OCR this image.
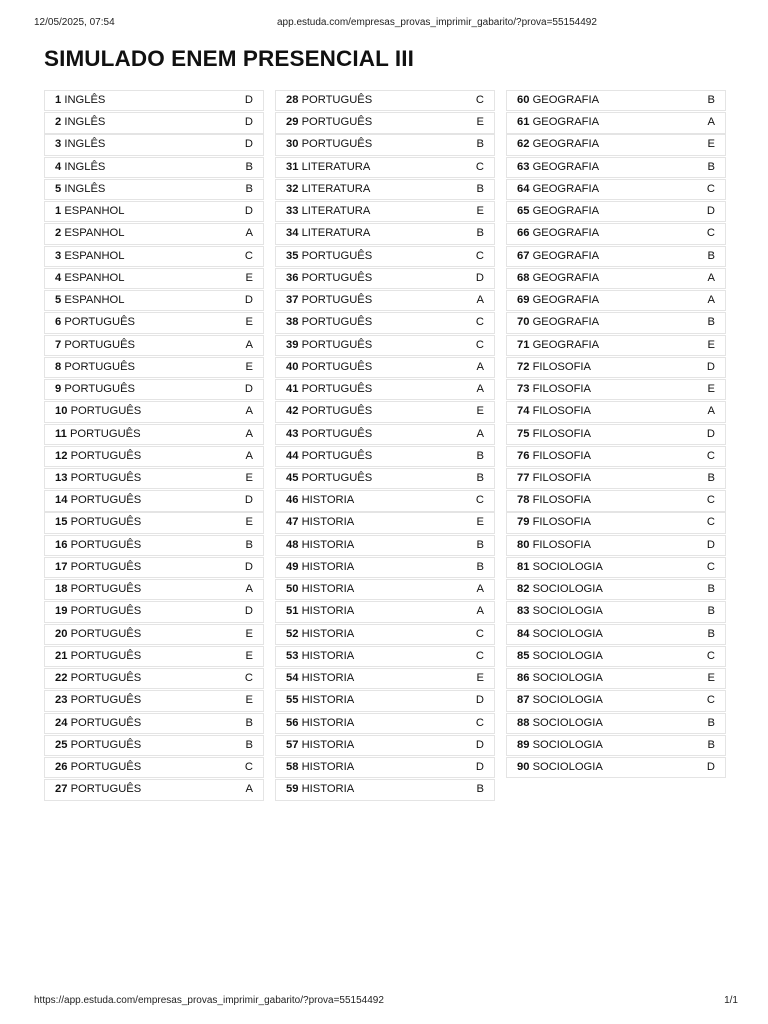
12/05/2025, 07:54	app.estuda.com/empresas_provas_imprimir_gabarito/?prova=55154492
SIMULADO ENEM PRESENCIAL III
1 INGLÊS	D
2 INGLÊS	D
3 INGLÊS	D
4 INGLÊS	B
5 INGLÊS	B
1 ESPANHOL	D
2 ESPANHOL	A
3 ESPANHOL	C
4 ESPANHOL	E
5 ESPANHOL	D
6 PORTUGUÊS	E
7 PORTUGUÊS	A
8 PORTUGUÊS	E
9 PORTUGUÊS	D
10 PORTUGUÊS	A
11 PORTUGUÊS	A
12 PORTUGUÊS	A
13 PORTUGUÊS	E
14 PORTUGUÊS	D
15 PORTUGUÊS	E
16 PORTUGUÊS	B
17 PORTUGUÊS	D
18 PORTUGUÊS	A
19 PORTUGUÊS	D
20 PORTUGUÊS	E
21 PORTUGUÊS	E
22 PORTUGUÊS	C
23 PORTUGUÊS	E
24 PORTUGUÊS	B
25 PORTUGUÊS	B
26 PORTUGUÊS	C
27 PORTUGUÊS	A
28 PORTUGUÊS	C
29 PORTUGUÊS	E
30 PORTUGUÊS	B
31 LITERATURA	C
32 LITERATURA	B
33 LITERATURA	E
34 LITERATURA	B
35 PORTUGUÊS	C
36 PORTUGUÊS	D
37 PORTUGUÊS	A
38 PORTUGUÊS	C
39 PORTUGUÊS	C
40 PORTUGUÊS	A
41 PORTUGUÊS	A
42 PORTUGUÊS	E
43 PORTUGUÊS	A
44 PORTUGUÊS	B
45 PORTUGUÊS	B
46 HISTORIA	C
47 HISTORIA	E
48 HISTORIA	B
49 HISTORIA	B
50 HISTORIA	A
51 HISTORIA	A
52 HISTORIA	C
53 HISTORIA	C
54 HISTORIA	E
55 HISTORIA	D
56 HISTORIA	C
57 HISTORIA	D
58 HISTORIA	D
59 HISTORIA	B
60 GEOGRAFIA	B
61 GEOGRAFIA	A
62 GEOGRAFIA	E
63 GEOGRAFIA	B
64 GEOGRAFIA	C
65 GEOGRAFIA	D
66 GEOGRAFIA	C
67 GEOGRAFIA	B
68 GEOGRAFIA	A
69 GEOGRAFIA	A
70 GEOGRAFIA	B
71 GEOGRAFIA	E
72 FILOSOFIA	D
73 FILOSOFIA	E
74 FILOSOFIA	A
75 FILOSOFIA	D
76 FILOSOFIA	C
77 FILOSOFIA	B
78 FILOSOFIA	C
79 FILOSOFIA	C
80 FILOSOFIA	D
81 SOCIOLOGIA	C
82 SOCIOLOGIA	B
83 SOCIOLOGIA	B
84 SOCIOLOGIA	B
85 SOCIOLOGIA	C
86 SOCIOLOGIA	E
87 SOCIOLOGIA	C
88 SOCIOLOGIA	B
89 SOCIOLOGIA	B
90 SOCIOLOGIA	D
https://app.estuda.com/empresas_provas_imprimir_gabarito/?prova=55154492	1/1
